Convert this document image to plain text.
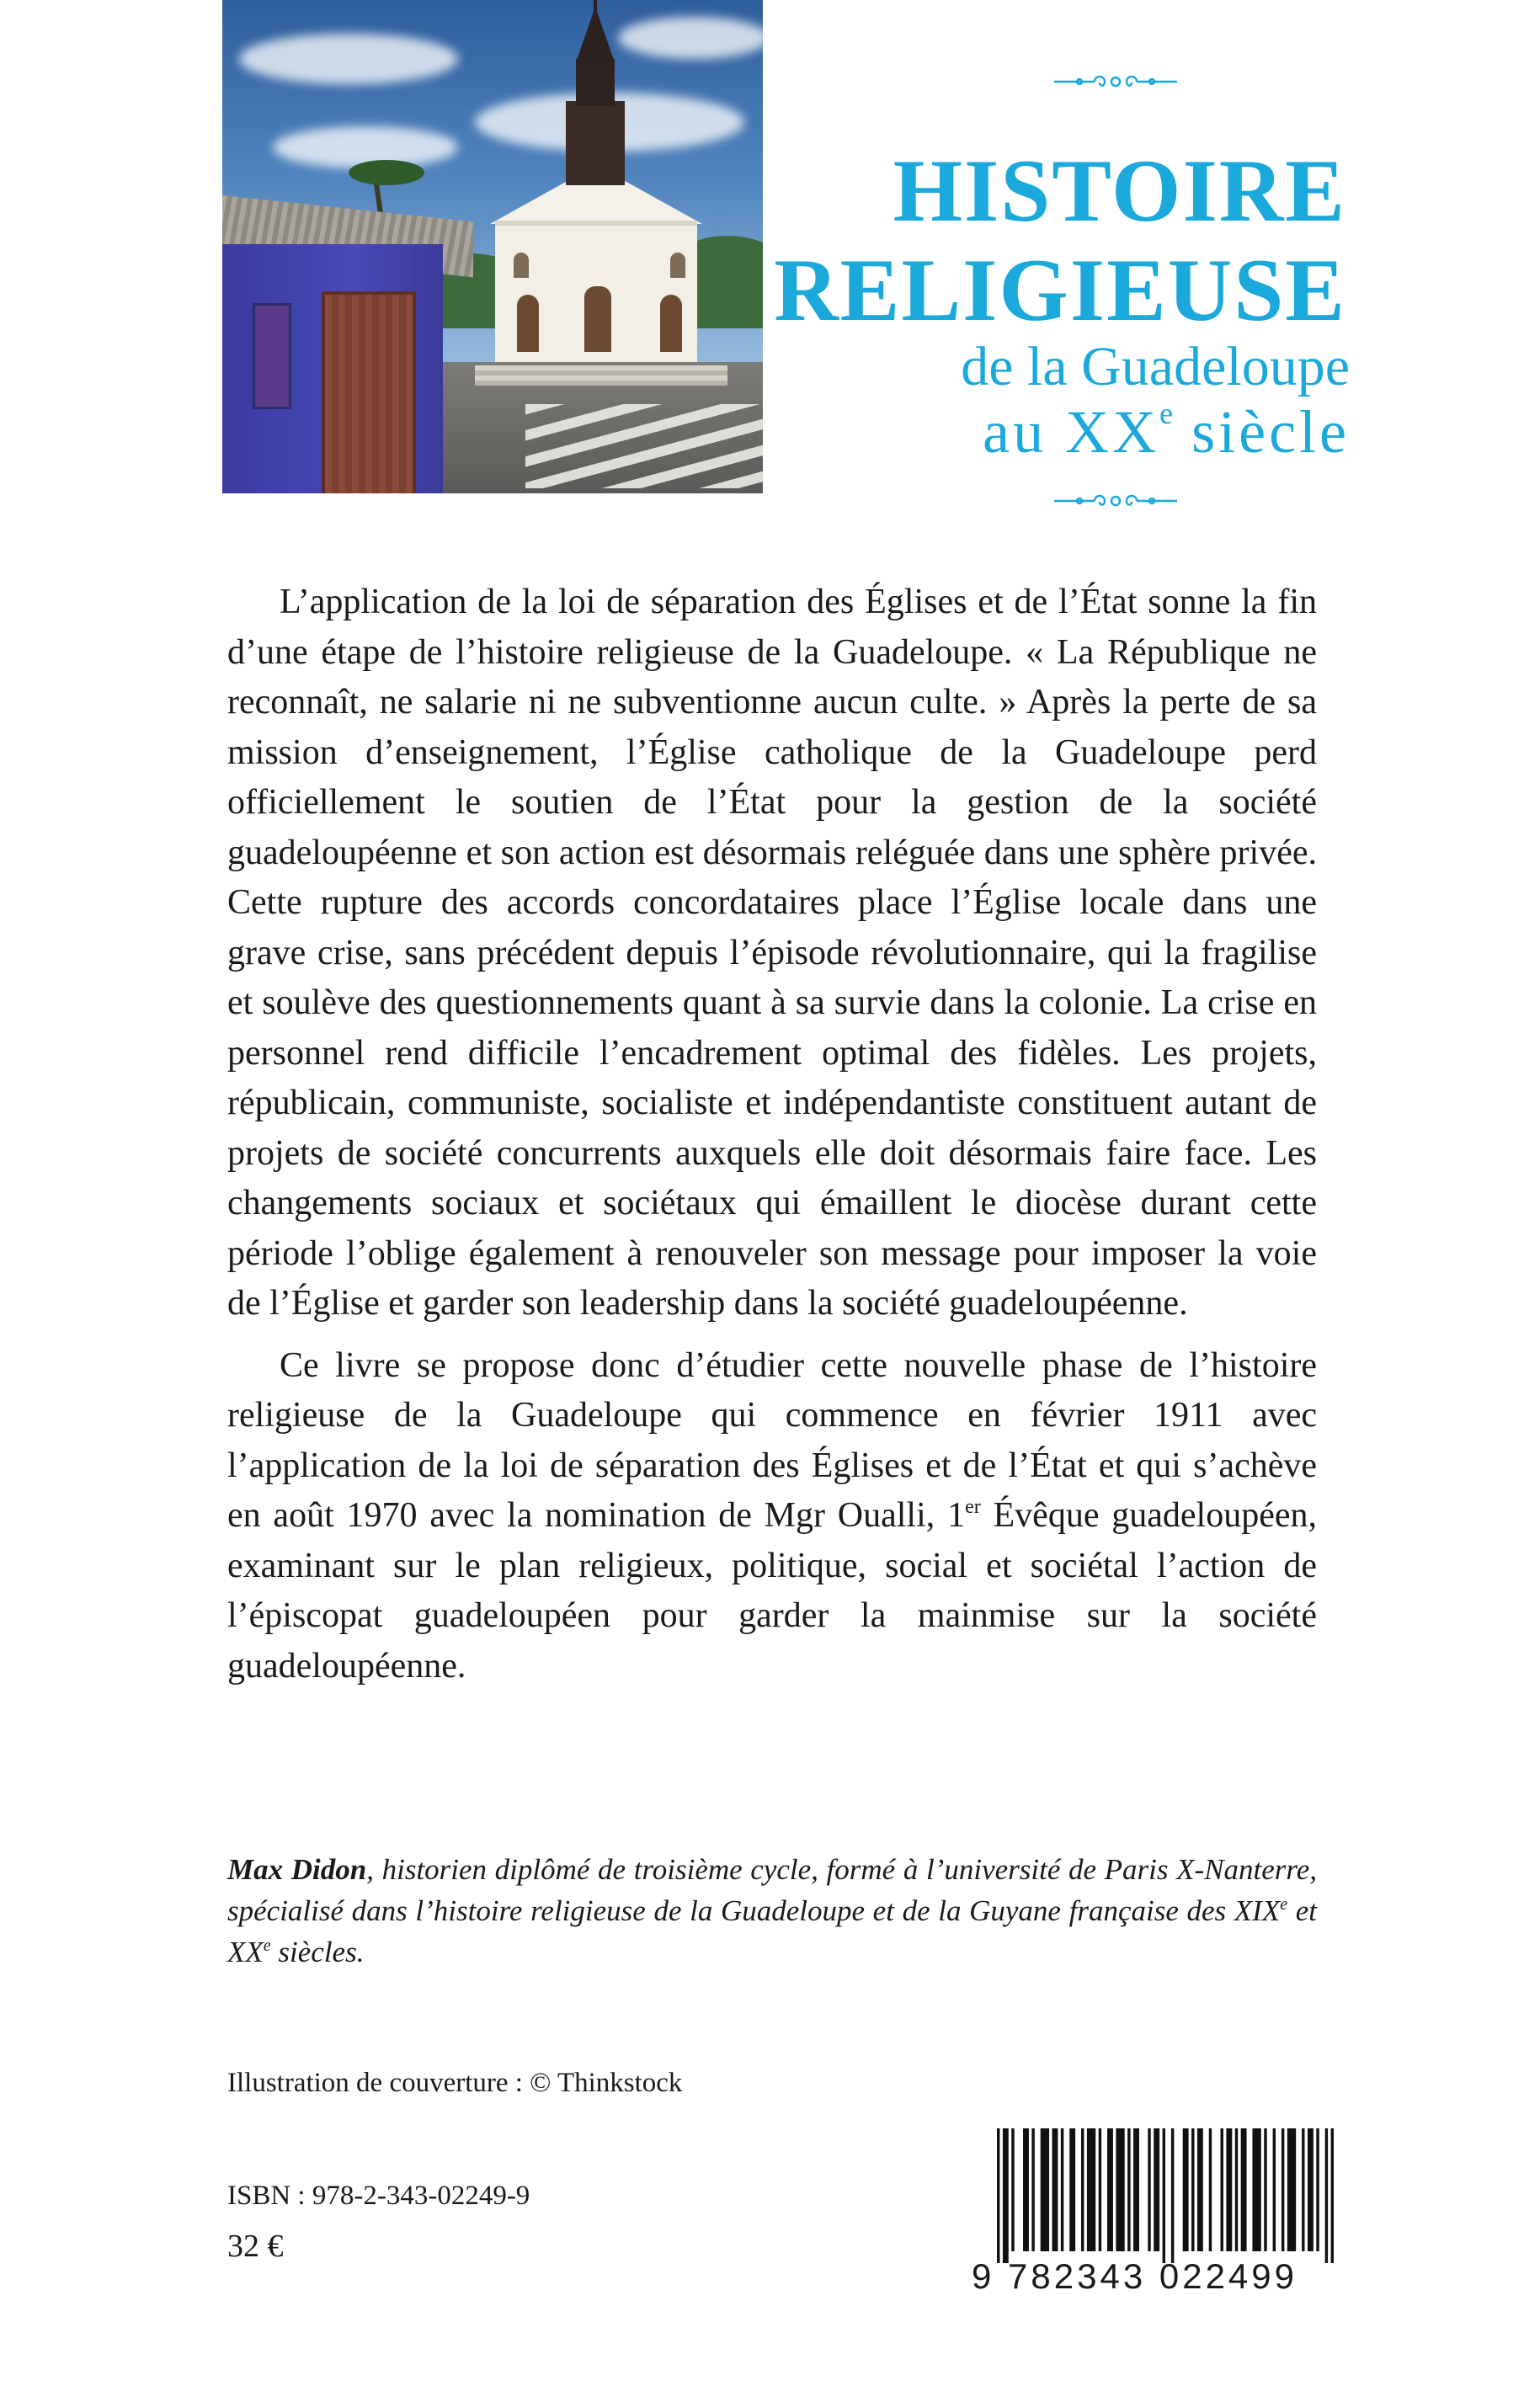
HISTOIRE
RELIGIEUSE
de la Guadeloupe
au XXe siècle

L’application de la loi de séparation des Églises et de l’État sonne la fin d’une étape de l’histoire religieuse de la Guadeloupe. « La République ne reconnaît, ne salarie ni ne subventionne aucun culte. » Après la perte de sa mission d’enseignement, l’Église catholique de la Guadeloupe perd officiellement le soutien de l’État pour la gestion de la société guadeloupéenne et son action est désormais reléguée dans une sphère privée. Cette rupture des accords concordataires place l’Église locale dans une grave crise, sans précédent depuis l’épisode révolutionnaire, qui la fragilise et soulève des questionnements quant à sa survie dans la colonie. La crise en personnel rend difficile l’encadrement optimal des fidèles. Les projets, républicain, communiste, socialiste et indépendantiste constituent autant de projets de société concurrents auxquels elle doit désormais faire face. Les changements sociaux et sociétaux qui émaillent le diocèse durant cette période l’oblige également à renouveler son message pour imposer la voie de l’Église et garder son leadership dans la société guadeloupéenne.

Ce livre se propose donc d’étudier cette nouvelle phase de l’histoire religieuse de la Guadeloupe qui commence en février 1911 avec l’application de la loi de séparation des Églises et de l’État et qui s’achève en août 1970 avec la nomination de Mgr Oualli, 1er Évêque guadeloupéen, examinant sur le plan religieux, politique, social et sociétal l’action de l’épiscopat guadeloupéen pour garder la mainmise sur la société guadeloupéenne.

Max Didon, historien diplômé de troisième cycle, formé à l’université de Paris X-Nanterre, spécialisé dans l’histoire religieuse de la Guadeloupe et de la Guyane française des XIXe et XXe siècles.
Illustration de couverture : © Thinkstock
ISBN : 978-2-343-02249-9
32 €
9 782343 022499
